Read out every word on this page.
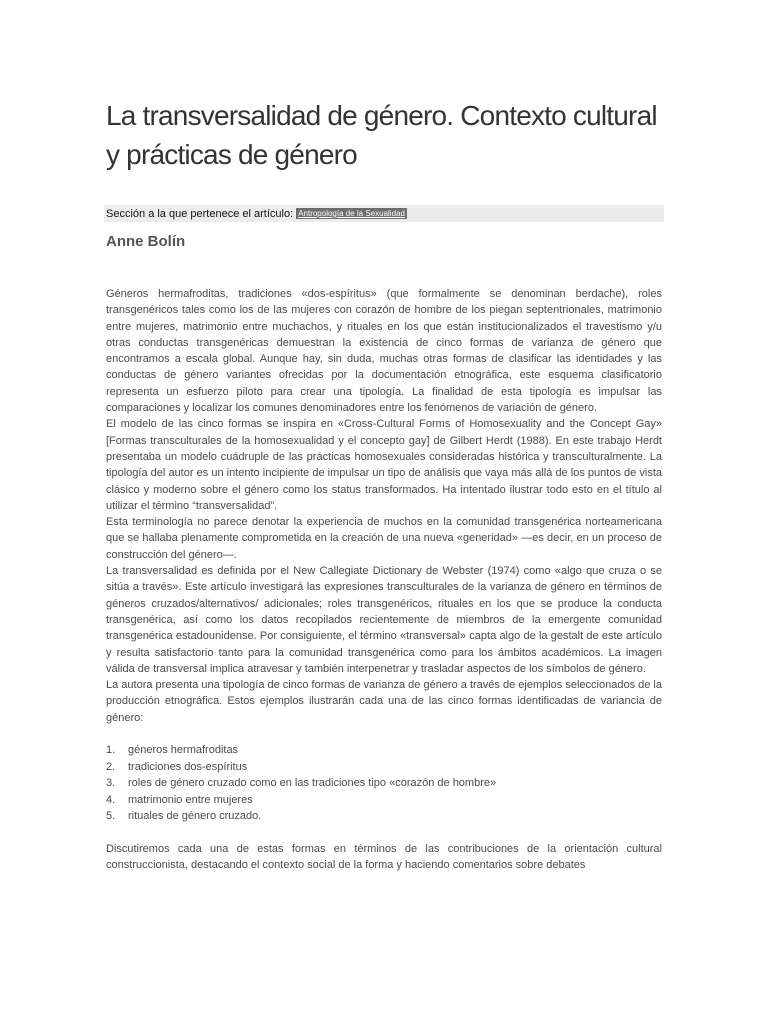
La transversalidad de género. Contexto cultural y prácticas de género
Sección a la que pertenece el artículo: Antropología de la Sexualidad
Anne Bolín

Géneros hermafroditas, tradiciones «dos-espíritus» (que formalmente se denominan berdache), roles transgenéricos tales como los de las mujeres con corazón de hombre de los piegan septentrionales, matrimonio entre mujeres, matrimonio entre muchachos, y rituales en los que están institucionalizados el travestismo y/u otras conductas transgenéricas demuestran la existencia de cinco formas de varianza de género que encontramos a escala global. Aunque hay, sin duda, muchas otras formas de clasificar las identidades y las conductas de género variantes ofrecidas por la documentación etnográfica, este esquema clasificatorio representa un esfuerzo piloto para crear una tipología. La finalidad de esta tipología es impulsar las comparaciones y localizar los comunes denominadores entre los fenómenos de variación de género.

El modelo de las cinco formas se inspira en «Cross-Cultural Forms of Homosexuality and the Concept Gay» [Formas transculturales de la homosexualidad y el concepto gay] de Gilbert Herdt (1988). En este trabajo Herdt presentaba un modelo cuádruple de las prácticas homosexuales consideradas histórica y transculturalmente. La tipología del autor es un intento incipiente de impulsar un tipo de análisis que vaya más allá de los puntos de vista clásico y moderno sobre el género como los status transformados. Ha intentado ilustrar todo esto en el título al utilizar el término “transversalidad”.

Esta terminología no parece denotar la experiencia de muchos en la comunidad transgenérica norteamericana que se hallaba plenamente comprometida en la creación de una nueva «generidad» —es decir, en un proceso de construcción del género—.

La transversalidad es definida por el New Callegiate Dictionary de Webster (1974) como «algo que cruza o se sitúa a través». Este artículo investigará las expresiones transculturales de la varianza de género en términos de géneros cruzados/alternativos/ adicionales; roles transgenéricos, rituales en los que se produce la conducta transgenérica, así como los datos recopilados recientemente de miembros de la emergente comunidad transgenérica estadounidense. Por consiguiente, el término «transversal» capta algo de la gestalt de este artículo y resulta satisfactorio tanto para la comunidad transgenérica como para los ámbitos académicos. La imagen válida de transversal implica atravesar y también interpenetrar y trasladar aspectos de los símbolos de género.

La autora presenta una tipología de cinco formas de varianza de género a través de ejemplos seleccionados de la producción etnográfica. Estos ejemplos ilustrarán cada una de las cinco formas identificadas de variancia de género:

1.	géneros hermafroditas
2.	tradiciones dos-espíritus
3.	roles de género cruzado como en las tradiciones tipo «corazón de hombre»
4.	matrimonio entre mujeres
5.	rituales de género cruzado.

Discutiremos cada una de estas formas en términos de las contribuciones de la orientación cultural construccionista, destacando el contexto social de la forma y haciendo comentarios sobre debates
